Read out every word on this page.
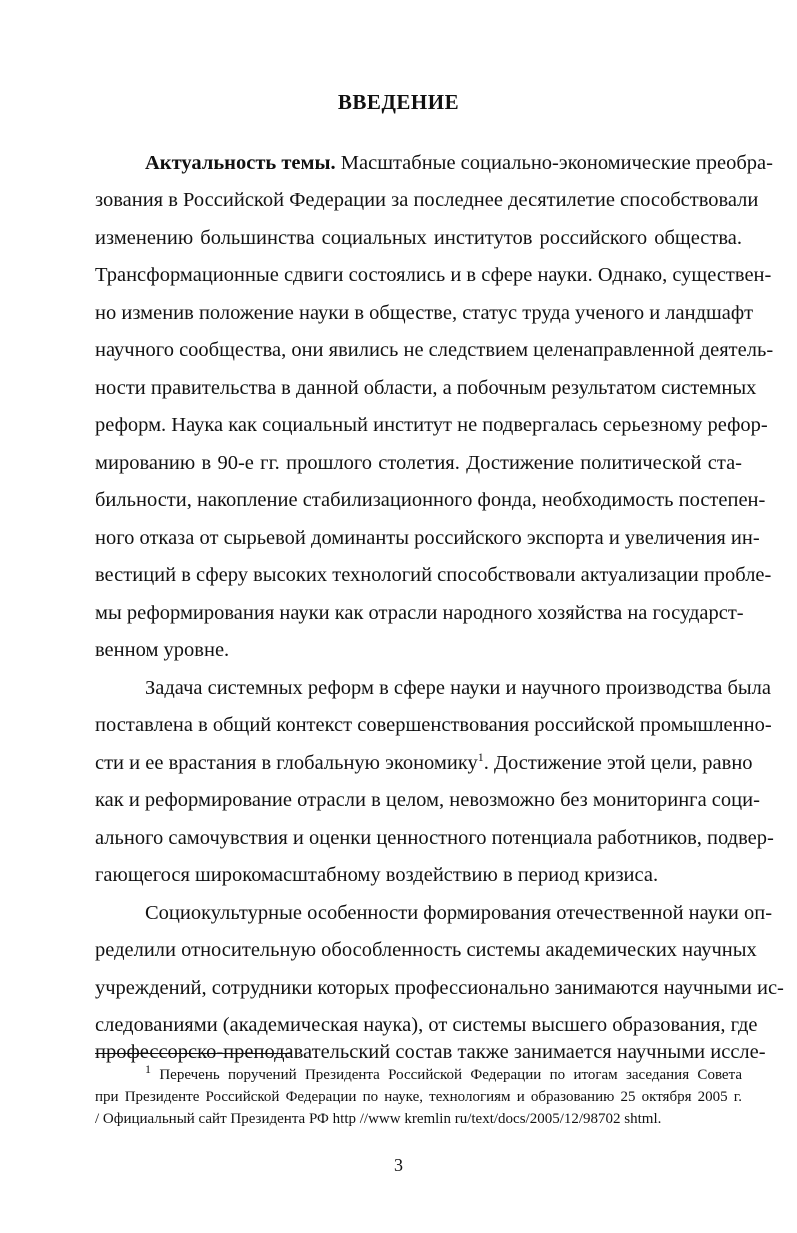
ВВЕДЕНИЕ
Актуальность темы. Масштабные социально-экономические преобра-
зования в Российской Федерации за последнее десятилетие способствовали
изменению большинства социальных институтов российского общества.
Трансформационные сдвиги состоялись и в сфере науки. Однако, существен-
но изменив положение науки в обществе, статус труда ученого и ландшафт
научного сообщества, они явились не следствием целенаправленной деятель-
ности правительства в данной области, а побочным результатом системных
реформ. Наука как социальный институт не подвергалась серьезному рефор-
мированию в 90-е гг. прошлого столетия. Достижение политической ста-
бильности, накопление стабилизационного фонда, необходимость постепен-
ного отказа от сырьевой доминанты российского экспорта и увеличения ин-
вестиций в сферу высоких технологий способствовали актуализации пробле-
мы реформирования науки как отрасли народного хозяйства на государст-
венном уровне.
Задача системных реформ в сфере науки и научного производства была
поставлена в общий контекст совершенствования российской промышленно-
сти и ее врастания в глобальную экономику$^1$. Достижение этой цели, равно
как и реформирование отрасли в целом, невозможно без мониторинга соци-
ального самочувствия и оценки ценностного потенциала работников, подвер-
гающегося широкомасштабному воздействию в период кризиса.
Социокультурные особенности формирования отечественной науки оп-
ределили относительную обособленность системы академических научных
учреждений, сотрудники которых профессионально занимаются научными ис-
следованиями (академическая наука), от системы высшего образования, где
профессорско-преподавательский состав также занимается научными иссле-
$^1$ Перечень поручений Президента Российской Федерации по итогам заседания Совета
при Президенте Российской Федерации по науке, технологиям и образованию 25 октября 2005 г.
/ Официальный сайт Президента РФ http //www kremlin ru/text/docs/2005/12/98702 shtml.
3
